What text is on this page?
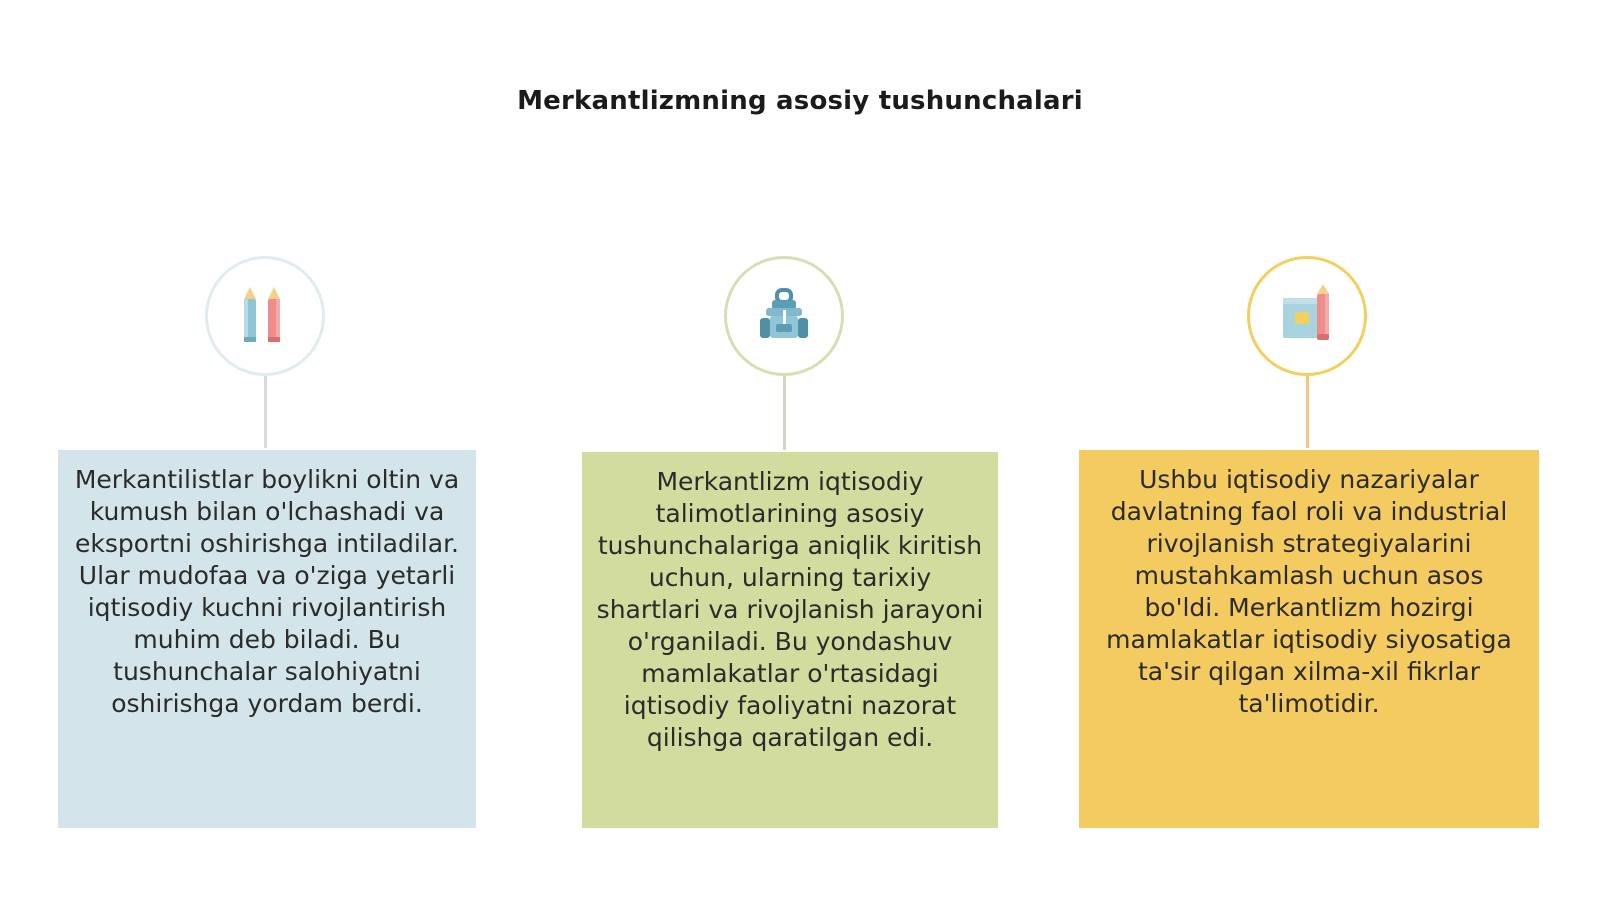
Merkantlizmning asosiy tushunchalari
Merkantilistlar boylikni oltin va kumush bilan o'lchashadi va eksportni oshirishga intiladilar. Ular mudofaa va o'ziga yetarli iqtisodiy kuchni rivojlantirish muhim deb biladi. Bu tushunchalar salohiyatni oshirishga yordam berdi.
Merkantlizm iqtisodiy talimotlarining asosiy tushunchalariga aniqlik kiritish uchun, ularning tarixiy shartlari va rivojlanish jarayoni o'rganiladi. Bu yondashuv mamlakatlar o'rtasidagi iqtisodiy faoliyatni nazorat qilishga qaratilgan edi.
Ushbu iqtisodiy nazariyalar davlatning faol roli va industrial rivojlanish strategiyalarini mustahkamlash uchun asos bo'ldi. Merkantlizm hozirgi mamlakatlar iqtisodiy siyosatiga ta'sir qilgan xilma-xil fikrlar ta'limotidir.
